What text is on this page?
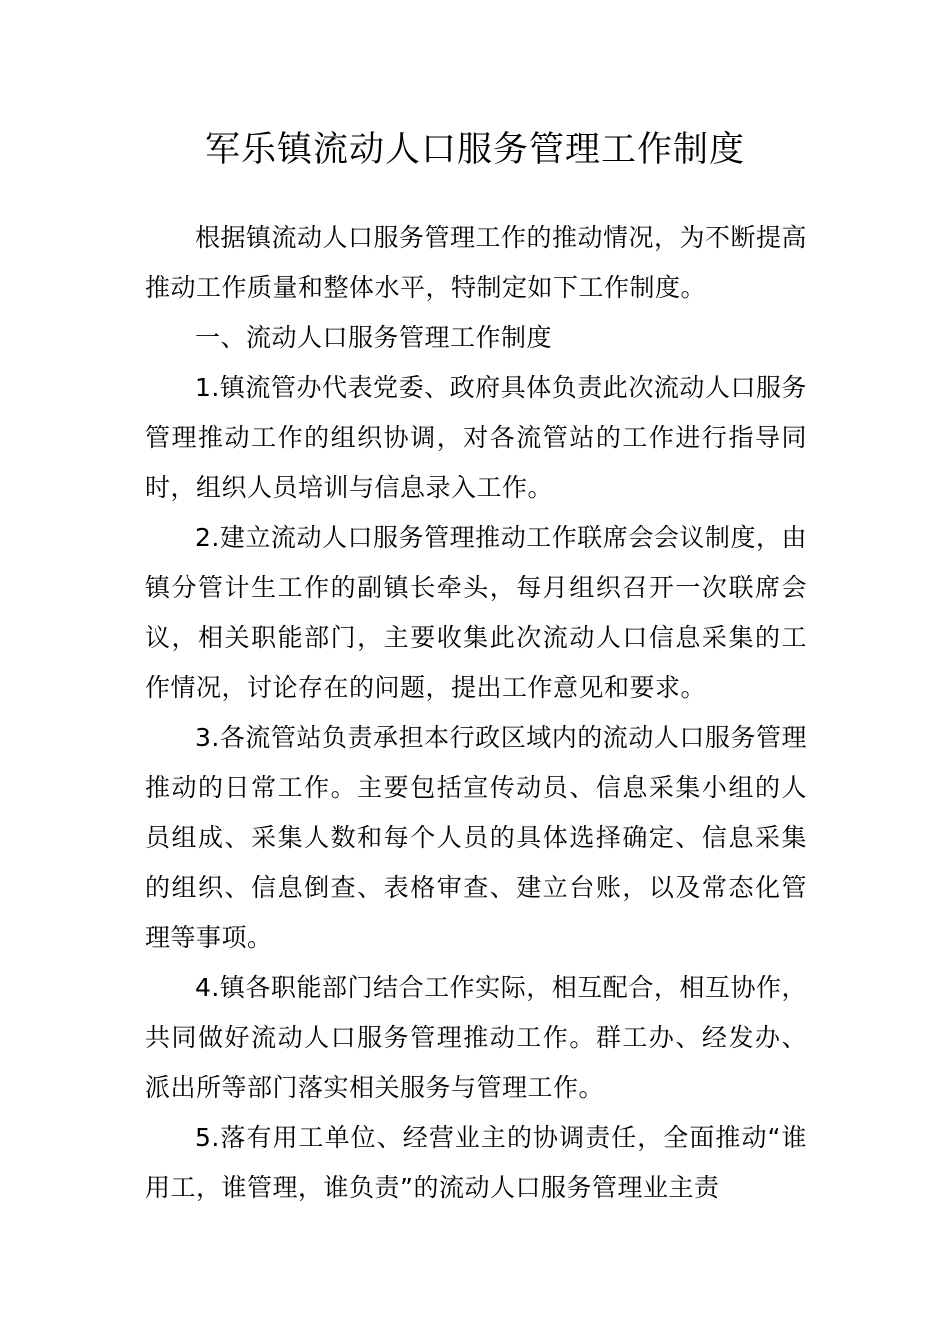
军乐镇流动人口服务管理工作制度

根据镇流动人口服务管理工作的推动情况，为不断提高推动工作质量和整体水平，特制定如下工作制度。

一、流动人口服务管理工作制度

1.镇流管办代表党委、政府具体负责此次流动人口服务管理推动工作的组织协调，对各流管站的工作进行指导同时，组织人员培训与信息录入工作。

2.建立流动人口服务管理推动工作联席会会议制度，由镇分管计生工作的副镇长牵头，每月组织召开一次联席会议，相关职能部门，主要收集此次流动人口信息采集的工作情况，讨论存在的问题，提出工作意见和要求。

3.各流管站负责承担本行政区域内的流动人口服务管理推动的日常工作。主要包括宣传动员、信息采集小组的人员组成、采集人数和每个人员的具体选择确定、信息采集的组织、信息倒查、表格审查、建立台账，以及常态化管理等事项。

4.镇各职能部门结合工作实际，相互配合，相互协作，共同做好流动人口服务管理推动工作。群工办、经发办、派出所等部门落实相关服务与管理工作。

5.落有用工单位、经营业主的协调责任，全面推动“谁用工，谁管理，谁负责”的流动人口服务管理业主责
